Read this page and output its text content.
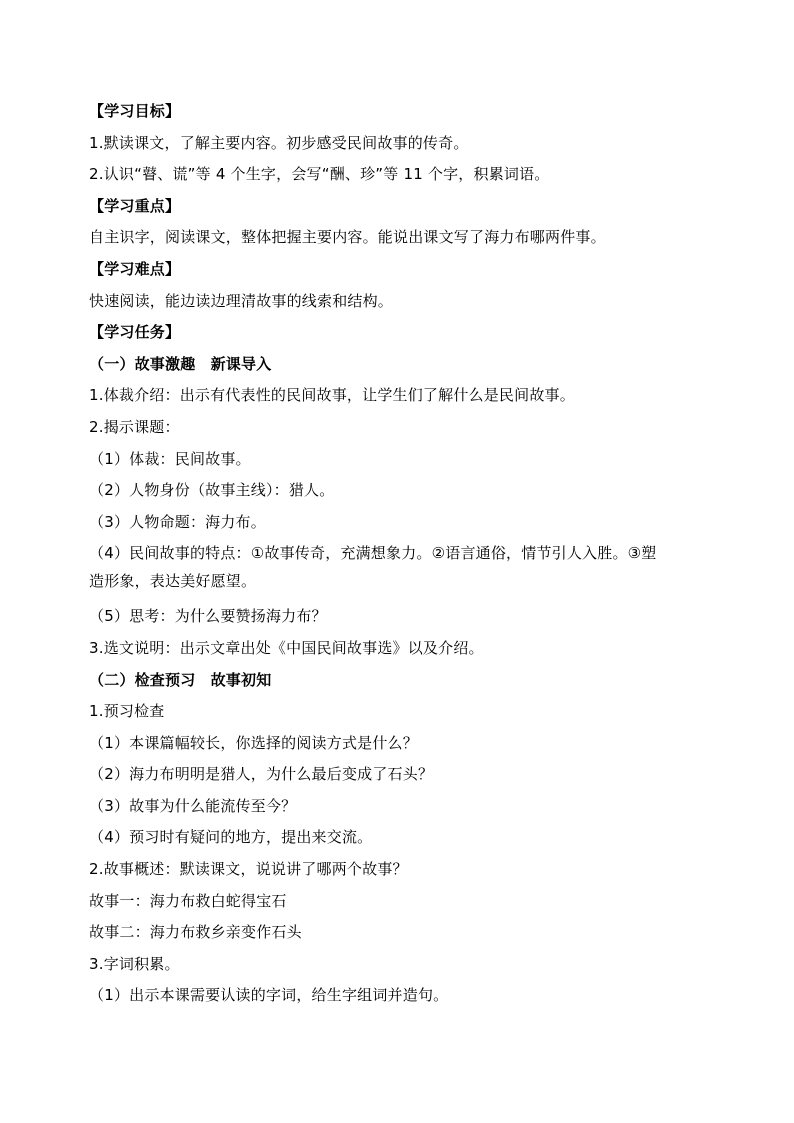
【学习目标】
1.默读课文，了解主要内容。初步感受民间故事的传奇。
2.认识“瞽、谎”等 4 个生字，会写“酬、珍”等 11 个字，积累词语。
【学习重点】
自主识字，阅读课文，整体把握主要内容。能说出课文写了海力布哪两件事。
【学习难点】
快速阅读，能边读边理清故事的线索和结构。
【学习任务】
（一）故事激趣　新课导入
1.体裁介绍：出示有代表性的民间故事，让学生们了解什么是民间故事。
2.揭示课题：
（1）体裁：民间故事。
（2）人物身份（故事主线）：猎人。
（3）人物命题：海力布。
（4）民间故事的特点：①故事传奇，充满想象力。②语言通俗，情节引人入胜。③塑
造形象，表达美好愿望。
（5）思考：为什么要赞扬海力布？
3.选文说明：出示文章出处《中国民间故事选》以及介绍。
（二）检查预习　故事初知
1.预习检查
（1）本课篇幅较长，你选择的阅读方式是什么？
（2）海力布明明是猎人，为什么最后变成了石头？
（3）故事为什么能流传至今？
（4）预习时有疑问的地方，提出来交流。
2.故事概述：默读课文，说说讲了哪两个故事？
故事一：海力布救白蛇得宝石
故事二：海力布救乡亲变作石头
3.字词积累。
（1）出示本课需要认读的字词，给生字组词并造句。
